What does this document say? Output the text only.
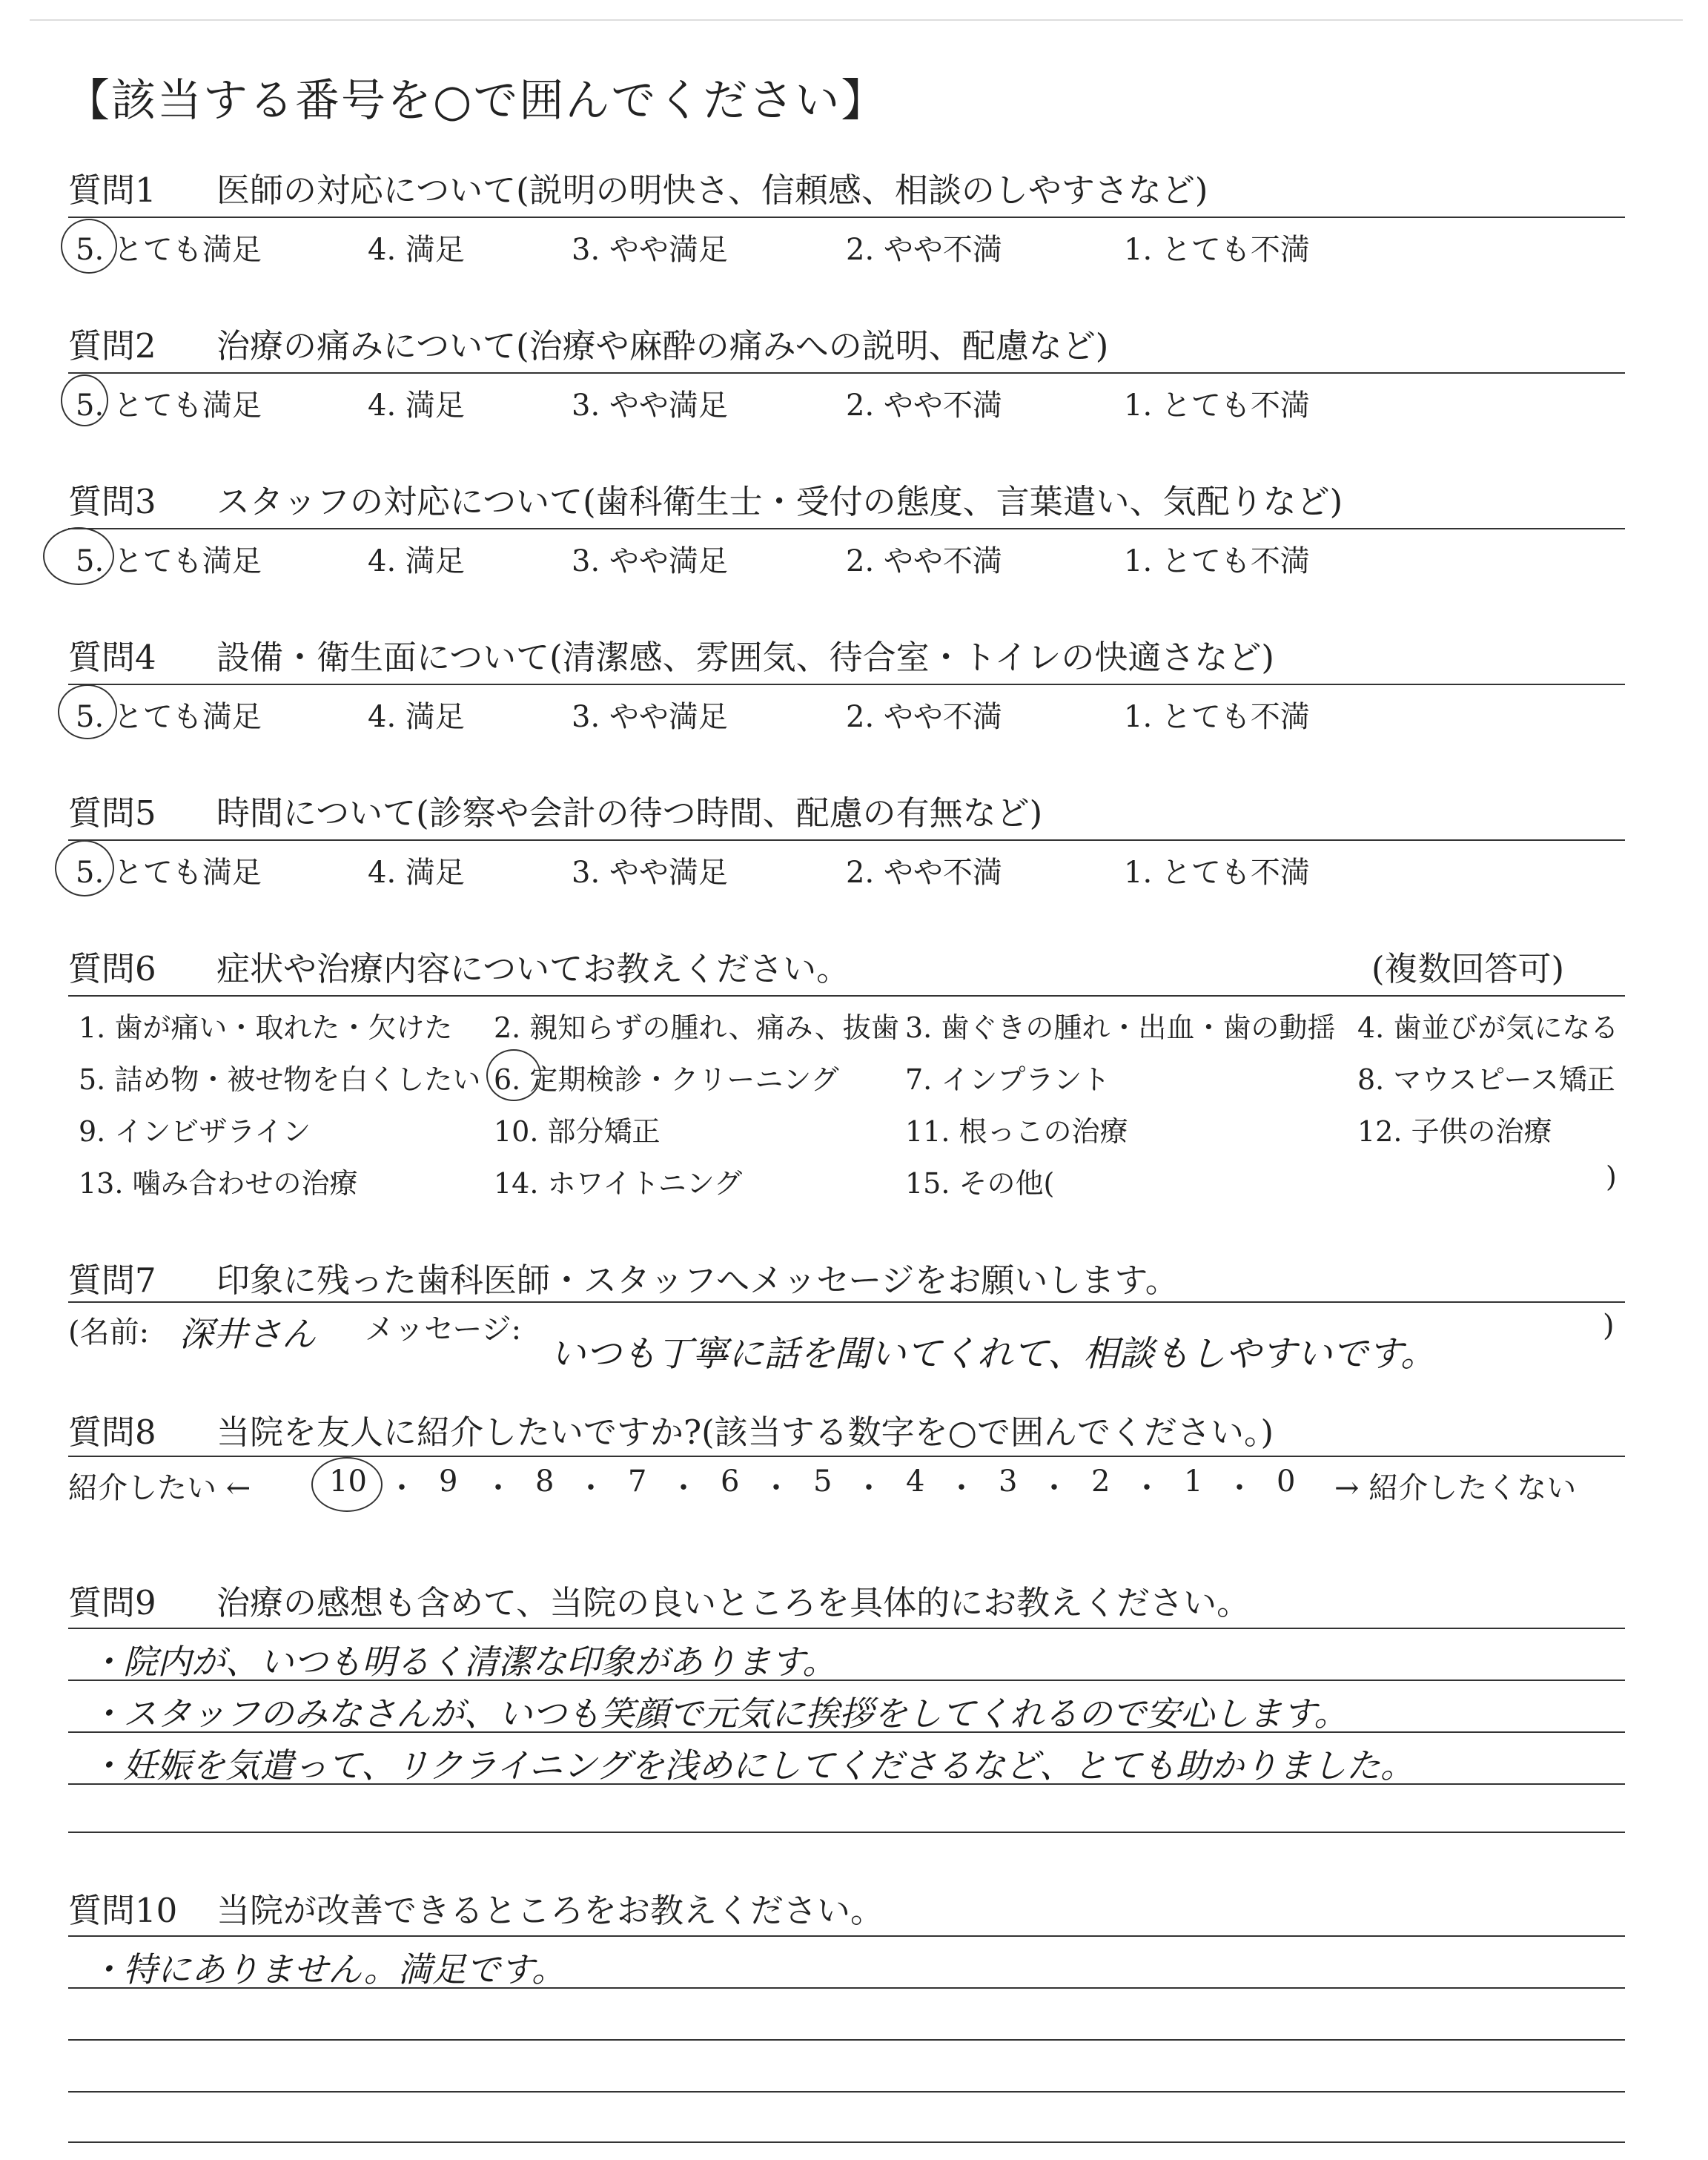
【該当する番号を○で囲んでください】
質問1	医師の対応について(説明の明快さ、信頼感、相談のしやすさなど)
5. とても満足	4. 満足	3. やや満足	2. やや不満	1. とても不満
質問2	治療の痛みについて(治療や麻酔の痛みへの説明、配慮など)
5. とても満足	4. 満足	3. やや満足	2. やや不満	1. とても不満
質問3	スタッフの対応について(歯科衛生士・受付の態度、言葉遣い、気配りなど)
5. とても満足	4. 満足	3. やや満足	2. やや不満	1. とても不満
質問4	設備・衛生面について(清潔感、雰囲気、待合室・トイレの快適さなど)
5. とても満足	4. 満足	3. やや満足	2. やや不満	1. とても不満
質問5	時間について(診察や会計の待つ時間、配慮の有無など)
5. とても満足	4. 満足	3. やや満足	2. やや不満	1. とても不満
質問6	症状や治療内容についてお教えください。	(複数回答可)
1. 歯が痛い・取れた・欠けた 2. 親知らずの腫れ、痛み、抜歯 3. 歯ぐきの腫れ・出血・歯の動揺 4. 歯並びが気になる
5. 詰め物・被せ物を白くしたい 6. 定期検診・クリーニング 7. インプラント	8. マウスピース矯正
9. インビザライン	10. 部分矯正	11. 根っこの治療	12. 子供の治療
13. 噛み合わせの治療	14. ホワイトニング	15. その他(	)
質問7	印象に残った歯科医師・スタッフへメッセージをお願いします。
(名前: 深井さん メッセージ:
いつも丁寧に話を聞いてくれて、相談もしやすいです。
)
質問8	当院を友人に紹介したいですか?(該当する数字を○で囲んでください。)
紹介したい ←	10 ・ 9 ・ 8 ・ 7 ・ 6 ・ 5 ・ 4 ・ 3 ・ 2 ・ 1 ・ 0 → 紹介したくない
質問9	治療の感想も含めて、当院の良いところを具体的にお教えください。
・院内が、いつも明るく清潔な印象があります。
・スタッフのみなさんが、いつも笑顔で元気に挨拶をしてくれるので安心します。
・妊娠を気遣って、リクライニングを浅めにしてくださるなど、とても助かりました。
質問10 当院が改善できるところをお教えください。
・特にありません。満足です。
